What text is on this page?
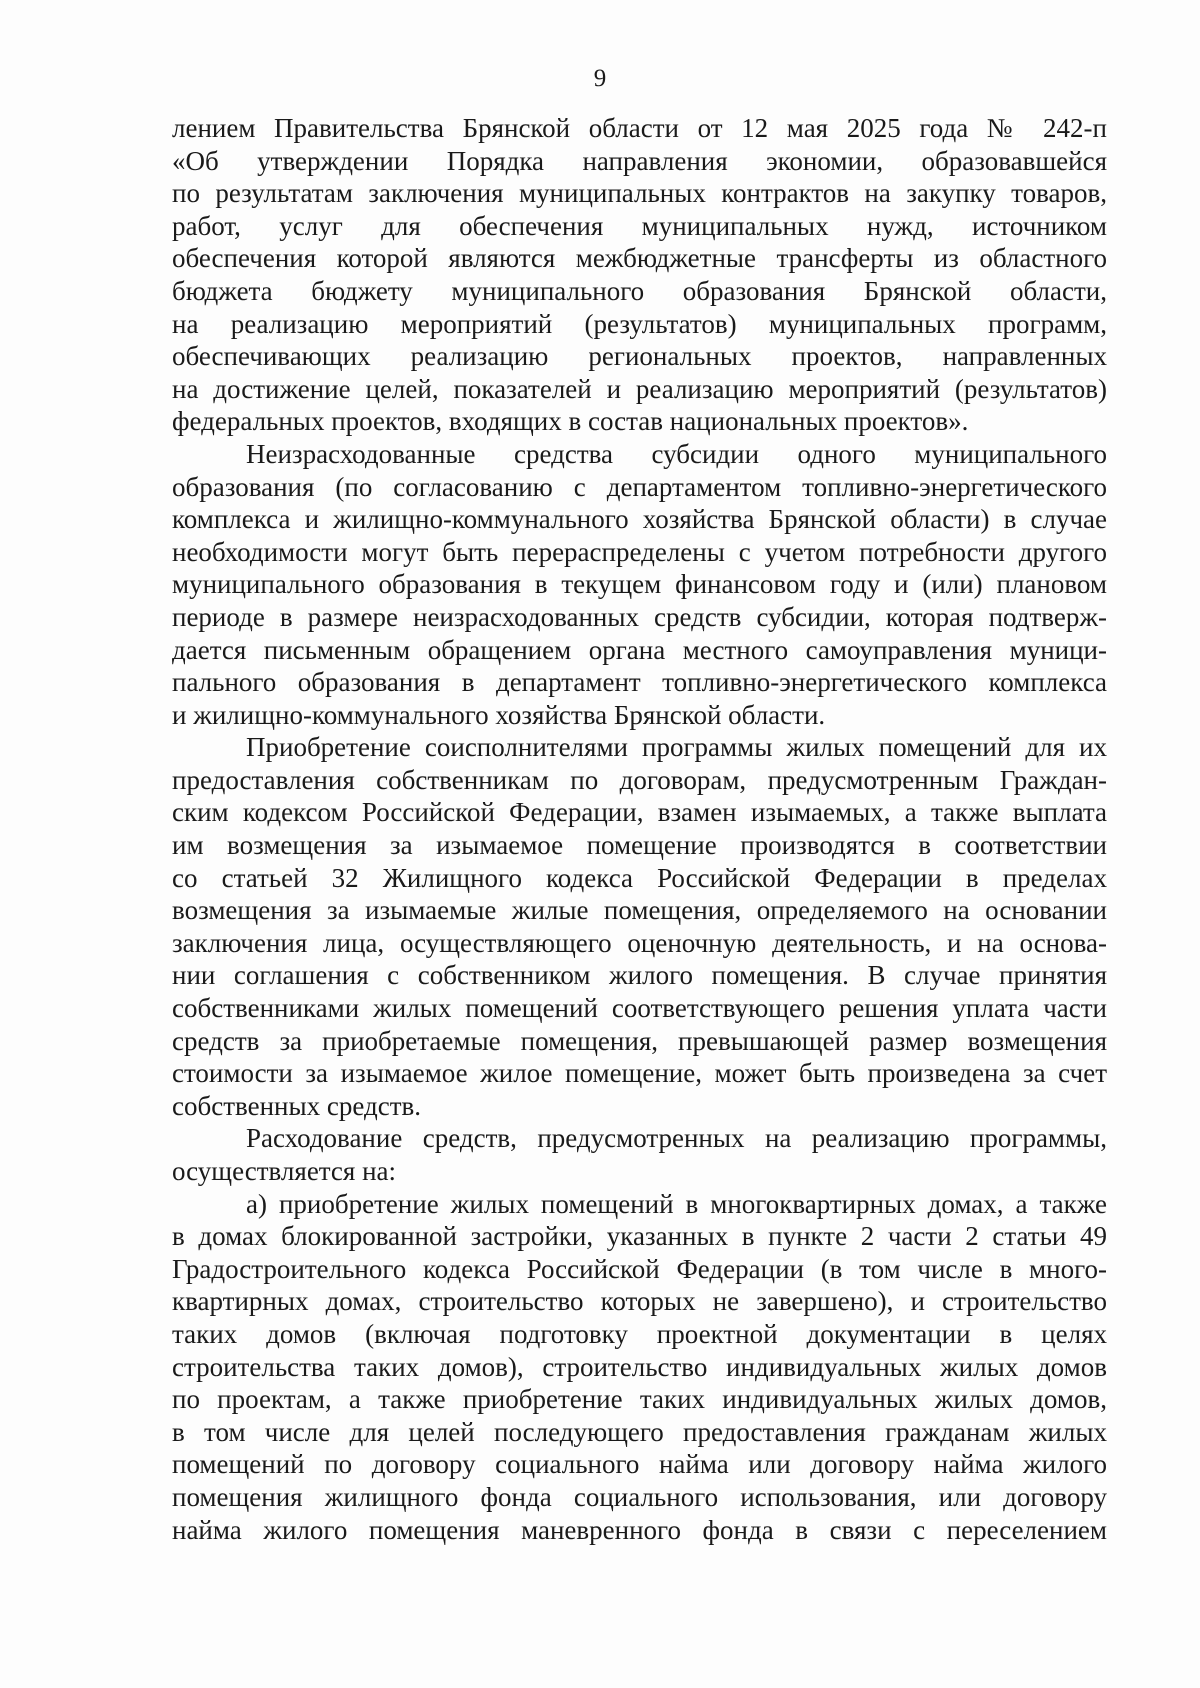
9
лением Правительства Брянской области от 12 мая 2025 года № 242-п
«Об утверждении Порядка направления экономии, образовавшейся
по результатам заключения муниципальных контрактов на закупку товаров,
работ, услуг для обеспечения муниципальных нужд, источником
обеспечения которой являются межбюджетные трансферты из областного
бюджета бюджету муниципального образования Брянской области,
на реализацию мероприятий (результатов) муниципальных программ,
обеспечивающих реализацию региональных проектов, направленных
на достижение целей, показателей и реализацию мероприятий (результатов)
федеральных проектов, входящих в состав национальных проектов».
Неизрасходованные средства субсидии одного муниципального
образования (по согласованию с департаментом топливно-энергетического
комплекса и жилищно-коммунального хозяйства Брянской области) в случае
необходимости могут быть перераспределены с учетом потребности другого
муниципального образования в текущем финансовом году и (или) плановом
периоде в размере неизрасходованных средств субсидии, которая подтверж-
дается письменным обращением органа местного самоуправления муници-
пального образования в департамент топливно-энергетического комплекса
и жилищно-коммунального хозяйства Брянской области.
Приобретение соисполнителями программы жилых помещений для их
предоставления собственникам по договорам, предусмотренным Граждан-
ским кодексом Российской Федерации, взамен изымаемых, а также выплата
им возмещения за изымаемое помещение производятся в соответствии
со статьей 32 Жилищного кодекса Российской Федерации в пределах
возмещения за изымаемые жилые помещения, определяемого на основании
заключения лица, осуществляющего оценочную деятельность, и на основа-
нии соглашения с собственником жилого помещения. В случае принятия
собственниками жилых помещений соответствующего решения уплата части
средств за приобретаемые помещения, превышающей размер возмещения
стоимости за изымаемое жилое помещение, может быть произведена за счет
собственных средств.
Расходование средств, предусмотренных на реализацию программы,
осуществляется на:
а) приобретение жилых помещений в многоквартирных домах, а также
в домах блокированной застройки, указанных в пункте 2 части 2 статьи 49
Градостроительного кодекса Российской Федерации (в том числе в много-
квартирных домах, строительство которых не завершено), и строительство
таких домов (включая подготовку проектной документации в целях
строительства таких домов), строительство индивидуальных жилых домов
по проектам, а также приобретение таких индивидуальных жилых домов,
в том числе для целей последующего предоставления гражданам жилых
помещений по договору социального найма или договору найма жилого
помещения жилищного фонда социального использования, или договору
найма жилого помещения маневренного фонда в связи с переселением
